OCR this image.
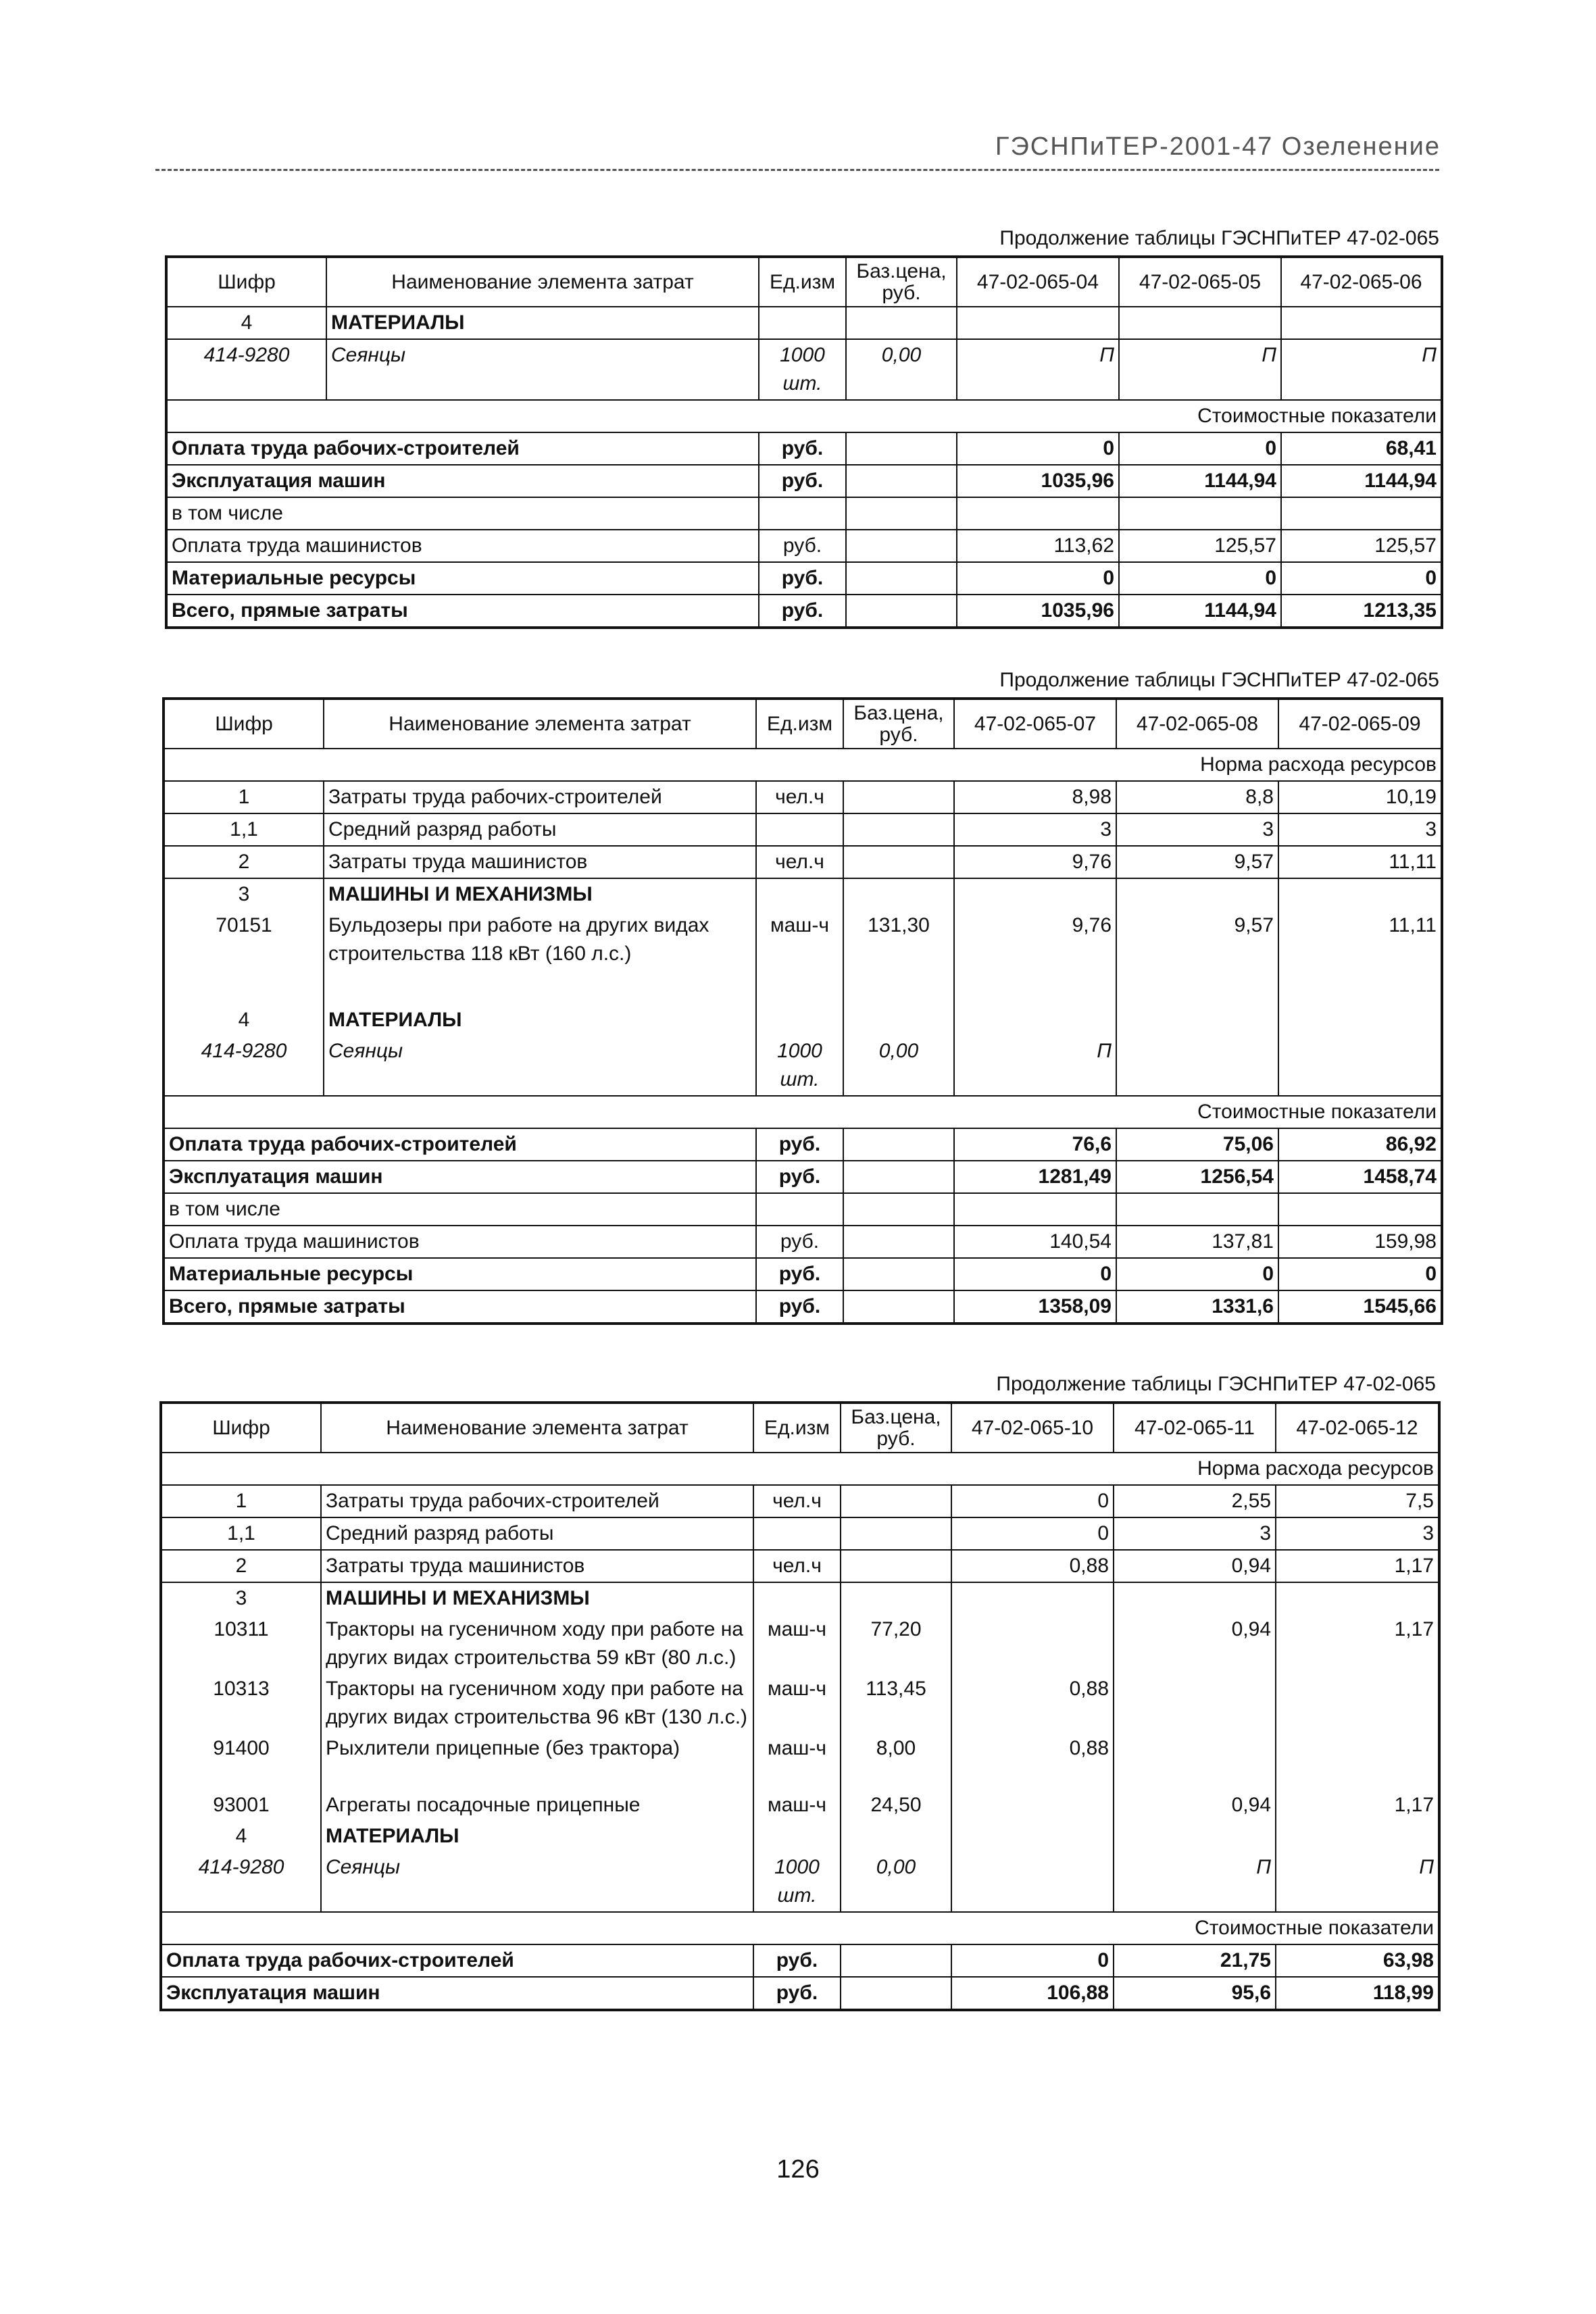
ГЭСНПиТЕР-2001-47 Озеленение
Продолжение таблицы ГЭСНПиТЕР 47-02-065
Шифр	Наименование элемента затрат	Ед.изм	Баз.цена, руб.	47-02-065-04	47-02-065-05	47-02-065-06
4	МАТЕРИАЛЫ					
414-9280	Сеянцы	1000 шт.	0,00	П	П	П
Стоимостные показатели						
Оплата труда рабочих-строителей		руб.		0	0	68,41
Эксплуатация машин		руб.		1035,96	1144,94	1144,94
в том числе						
Оплата труда машинистов		руб.		113,62	125,57	125,57
Материальные ресурсы		руб.		0	0	0
Всего, прямые затраты		руб.		1035,96	1144,94	1213,35
Продолжение таблицы ГЭСНПиТЕР 47-02-065
Шифр	Наименование элемента затрат	Ед.изм	Баз.цена, руб.	47-02-065-07	47-02-065-08	47-02-065-09
Норма расхода ресурсов						
1	Затраты труда рабочих-строителей	чел.ч		8,98	8,8	10,19
1,1	Средний разряд работы			3	3	3
2	Затраты труда машинистов	чел.ч		9,76	9,57	11,11
3	МАШИНЫ И МЕХАНИЗМЫ					
70151	Бульдозеры при работе на других видах строительства 118 кВт (160 л.с.)	маш-ч	131,30	9,76	9,57	11,11
4	МАТЕРИАЛЫ					
414-9280	Сеянцы	1000 шт.	0,00	П		
Стоимостные показатели						
Оплата труда рабочих-строителей		руб.		76,6	75,06	86,92
Эксплуатация машин		руб.		1281,49	1256,54	1458,74
в том числе						
Оплата труда машинистов		руб.		140,54	137,81	159,98
Материальные ресурсы		руб.		0	0	0
Всего, прямые затраты		руб.		1358,09	1331,6	1545,66
Продолжение таблицы ГЭСНПиТЕР 47-02-065
Шифр	Наименование элемента затрат	Ед.изм	Баз.цена, руб.	47-02-065-10	47-02-065-11	47-02-065-12
Норма расхода ресурсов						
1	Затраты труда рабочих-строителей	чел.ч		0	2,55	7,5
1,1	Средний разряд работы			0	3	3
2	Затраты труда машинистов	чел.ч		0,88	0,94	1,17
3	МАШИНЫ И МЕХАНИЗМЫ					
10311	Тракторы на гусеничном ходу при работе на других видах строительства 59 кВт (80 л.с.)	маш-ч	77,20		0,94	1,17
10313	Тракторы на гусеничном ходу при работе на других видах строительства 96 кВт (130 л.с.)	маш-ч	113,45	0,88		
91400	Рыхлители прицепные (без трактора)	маш-ч	8,00	0,88		
93001	Агрегаты посадочные прицепные	маш-ч	24,50		0,94	1,17
4	МАТЕРИАЛЫ					
414-9280	Сеянцы	1000 шт.	0,00		П	П
Стоимостные показатели						
Оплата труда рабочих-строителей		руб.		0	21,75	63,98
Эксплуатация машин		руб.		106,88	95,6	118,99
126
